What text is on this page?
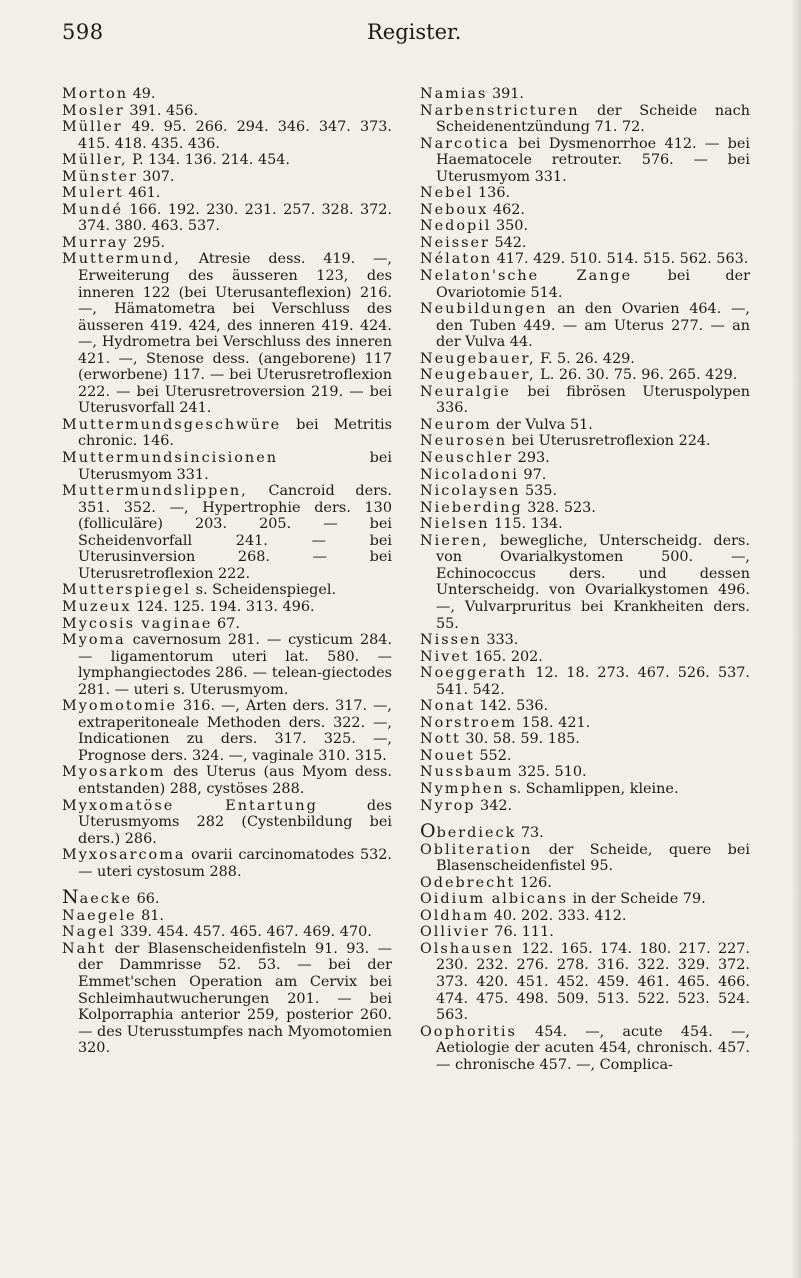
598	Register.

Morton 49.

Mosler 391. 456.

Müller 49. 95. 266. 294. 346. 347. 373. 415. 418. 435. 436.

Müller, P. 134. 136. 214. 454.

Münster 307.

Mulert 461.

Mundé 166. 192. 230. 231. 257. 328. 372. 374. 380. 463. 537.

Murray 295.

Muttermund, Atresie dess. 419. —, Erweiterung des äusseren 123, des inneren 122 (bei Uterusanteflexion) 216. —, Hämatometra bei Verschluss des äusseren 419. 424, des inneren 419. 424. —, Hydrometra bei Verschluss des inneren 421. —, Stenose dess. (angeborene) 117 (erworbene) 117. — bei Uterusretroflexion 222. — bei Uterusretroversion 219. — bei Uterusvorfall 241.

Muttermundsgeschwüre bei Metritis chronic. 146.

Muttermundsincisionen bei Uterusmyom 331.

Muttermundslippen, Cancroid ders. 351. 352. —, Hypertrophie ders. 130 (folliculäre) 203. 205. — bei Scheidenvorfall 241. — bei Uterusinversion 268. — bei Uterusretroflexion 222.

Mutterspiegel s. Scheidenspiegel.

Muzeux 124. 125. 194. 313. 496.

Mycosis vaginae 67.

Myoma cavernosum 281. — cysticum 284. — ligamentorum uteri lat. 580. — lymphangiectodes 286. — telean-giectodes 281. — uteri s. Uterusmyom.

Myomotomie 316. —, Arten ders. 317. —, extraperitoneale Methoden ders. 322. —, Indicationen zu ders. 317. 325. —, Prognose ders. 324. —, vaginale 310. 315.

Myosarkom des Uterus (aus Myom dess. entstanden) 288, cystöses 288.

Myxomatöse Entartung des Uterusmyoms 282 (Cystenbildung bei ders.) 286.

Myxosarcoma ovarii carcinomatodes 532. — uteri cystosum 288.

Naecke 66.

Naegele 81.

Nagel 339. 454. 457. 465. 467. 469. 470.

Naht der Blasenscheidenfisteln 91. 93. — der Dammrisse 52. 53. — bei der Emmet'schen Operation am Cervix bei Schleimhautwucherungen 201. — bei Kolporraphia anterior 259, posterior 260. — des Uterusstumpfes nach Myomotomien 320.

Namias 391.

Narbenstricturen der Scheide nach Scheidenentzündung 71. 72.

Narcotica bei Dysmenorrhoe 412. — bei Haematocele retrouter. 576. — bei Uterusmyom 331.

Nebel 136.

Neboux 462.

Nedopil 350.

Neisser 542.

Nélaton 417. 429. 510. 514. 515. 562. 563.

Nelaton'sche Zange bei der Ovariotomie 514.

Neubildungen an den Ovarien 464. —, den Tuben 449. — am Uterus 277. — an der Vulva 44.

Neugebauer, F. 5. 26. 429.

Neugebauer, L. 26. 30. 75. 96. 265. 429.

Neuralgie bei fibrösen Uteruspolypen 336.

Neurom der Vulva 51.

Neurosen bei Uterusretroflexion 224.

Neuschler 293.

Nicoladoni 97.

Nicolaysen 535.

Nieberding 328. 523.

Nielsen 115. 134.

Nieren, bewegliche, Unterscheidg. ders. von Ovarialkystomen 500. —, Echinococcus ders. und dessen Unterscheidg. von Ovarialkystomen 496. —, Vulvarpruritus bei Krankheiten ders. 55.

Nissen 333.

Nivet 165. 202.

Noeggerath 12. 18. 273. 467. 526. 537. 541. 542.

Nonat 142. 536.

Norstroem 158. 421.

Nott 30. 58. 59. 185.

Nouet 552.

Nussbaum 325. 510.

Nymphen s. Schamlippen, kleine.

Nyrop 342.

Oberdieck 73.

Obliteration der Scheide, quere bei Blasenscheidenfistel 95.

Odebrecht 126.

Oidium albicans in der Scheide 79.

Oldham 40. 202. 333. 412.

Ollivier 76. 111.

Olshausen 122. 165. 174. 180. 217. 227. 230. 232. 276. 278. 316. 322. 329. 372. 373. 420. 451. 452. 459. 461. 465. 466. 474. 475. 498. 509. 513. 522. 523. 524. 563.

Oophoritis 454. —, acute 454. —, Aetiologie der acuten 454, chronisch. 457. — chronische 457. —, Complica-
